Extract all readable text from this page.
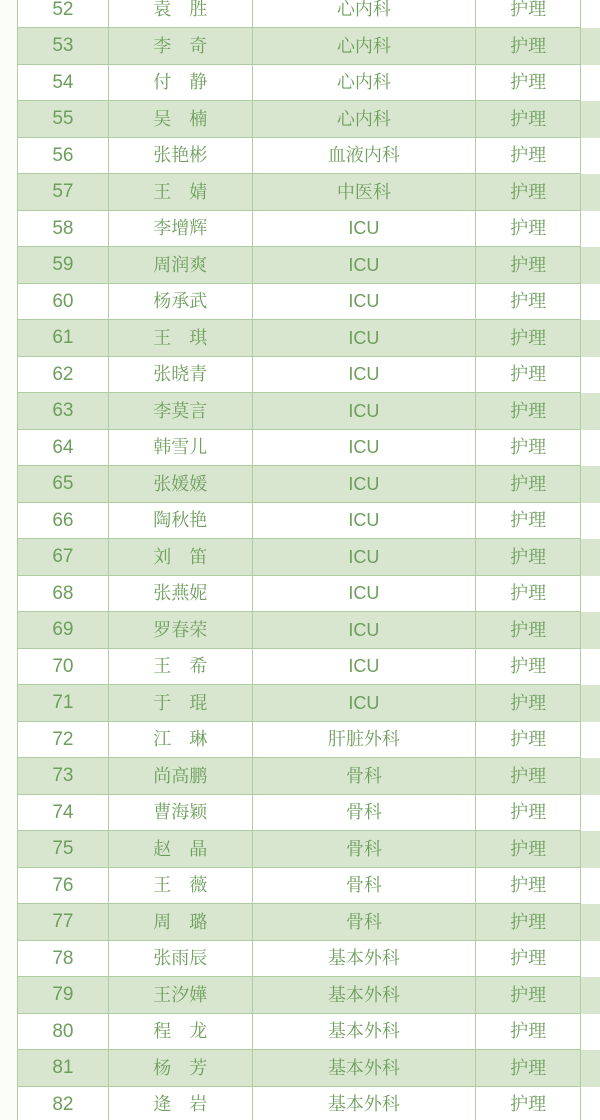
52	袁　胜	心内科	护理
53	李　奇	心内科	护理
54	付　静	心内科	护理
55	吴　楠	心内科	护理
56	张艳彬	血液内科	护理
57	王　婧	中医科	护理
58	李增辉	ICU	护理
59	周润爽	ICU	护理
60	杨承武	ICU	护理
61	王　琪	ICU	护理
62	张晓青	ICU	护理
63	李莫言	ICU	护理
64	韩雪儿	ICU	护理
65	张媛媛	ICU	护理
66	陶秋艳	ICU	护理
67	刘　笛	ICU	护理
68	张燕妮	ICU	护理
69	罗春荣	ICU	护理
70	王　希	ICU	护理
71	于　琨	ICU	护理
72	江　琳	肝脏外科	护理
73	尚高鹏	骨科	护理
74	曹海颖	骨科	护理
75	赵　晶	骨科	护理
76	王　薇	骨科	护理
77	周　璐	骨科	护理
78	张雨辰	基本外科	护理
79	王汐嬅	基本外科	护理
80	程　龙	基本外科	护理
81	杨　芳	基本外科	护理
82	逄　岩	基本外科	护理
